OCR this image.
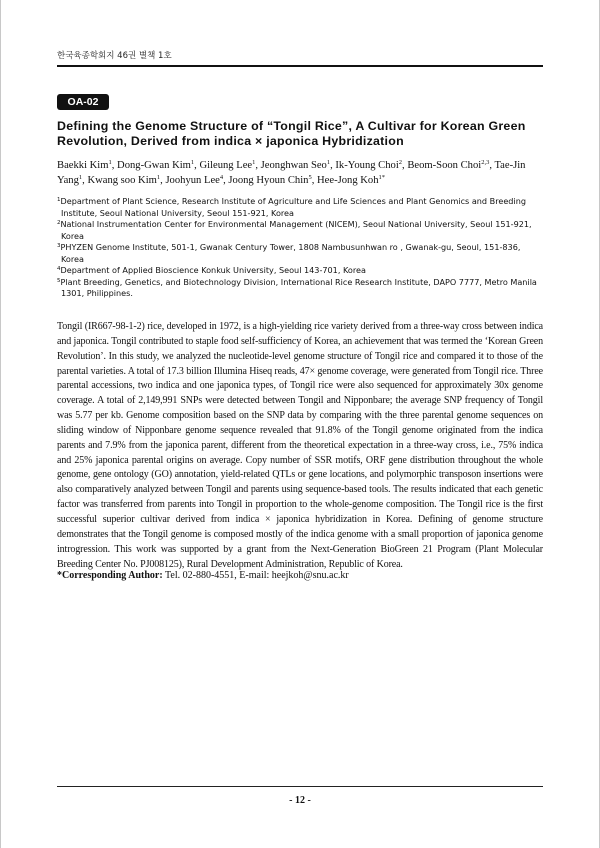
한국육종학회지 46권 별책 1호
OA-02
Defining the Genome Structure of “Tongil Rice”, A Cultivar for Korean Green Revolution, Derived from indica × japonica Hybridization
Baekki Kim$^1$, Dong-Gwan Kim$^1$, Gileung Lee$^1$, Jeonghwan Seo$^1$, Ik-Young Choi$^2$, Beom-Soon Choi$^{2,3}$, Tae-Jin Yang$^1$, Kwang soo Kim$^1$, Joohyun Lee$^4$, Joong Hyoun Chin$^5$, Hee-Jong Koh$^{1*}$

$^1$Department of Plant Science, Research Institute of Agriculture and Life Sciences and Plant Genomics and Breeding Institute, Seoul National University, Seoul 151-921, Korea

$^2$National Instrumentation Center for Environmental Management (NICEM), Seoul National University, Seoul 151-921, Korea

$^3$PHYZEN Genome Institute, 501-1, Gwanak Century Tower, 1808 Nambusunhwan ro , Gwanak-gu, Seoul, 151-836, Korea

$^4$Department of Applied Bioscience Konkuk University, Seoul 143-701, Korea

$^5$Plant Breeding, Genetics, and Biotechnology Division, International Rice Research Institute, DAPO 7777, Metro Manila 1301, Philippines.

Tongil (IR667-98-1-2) rice, developed in 1972, is a high-yielding rice variety derived from a three-way cross between indica and japonica. Tongil contributed to staple food self-sufficiency of Korea, an achievement that was termed the ‘Korean Green Revolution’. In this study, we analyzed the nucleotide-level genome structure of Tongil rice and compared it to those of the parental varieties. A total of 17.3 billion Illumina Hiseq reads, 47× genome coverage, were generated from Tongil rice. Three parental accessions, two indica and one japonica types, of Tongil rice were also sequenced for approximately 30x genome coverage. A total of 2,149,991 SNPs were detected between Tongil and Nipponbare; the average SNP frequency of Tongil was 5.77 per kb. Genome composition based on the SNP data by comparing with the three parental genome sequences on sliding window of Nipponbare genome sequence revealed that 91.8% of the Tongil genome originated from the indica parents and 7.9% from the japonica parent, different from the theoretical expectation in a three-way cross, i.e., 75% indica and 25% japonica parental origins on average. Copy number of SSR motifs, ORF gene distribution throughout the whole genome, gene ontology (GO) annotation, yield-related QTLs or gene locations, and polymorphic transposon insertions were also comparatively analyzed between Tongil and parents using sequence-based tools. The results indicated that each genetic factor was transferred from parents into Tongil in proportion to the whole-genome composition. The Tongil rice is the first successful superior cultivar derived from indica × japonica hybridization in Korea. Defining of genome structure demonstrates that the Tongil genome is composed mostly of the indica genome with a small proportion of japonica genome introgression. This work was supported by a grant from the Next-Generation BioGreen 21 Program (Plant Molecular Breeding Center No. PJ008125), Rural Development Administration, Republic of Korea.

*Corresponding Author: Tel. 02-880-4551, E-mail: heejkoh@snu.ac.kr
- 12 -
